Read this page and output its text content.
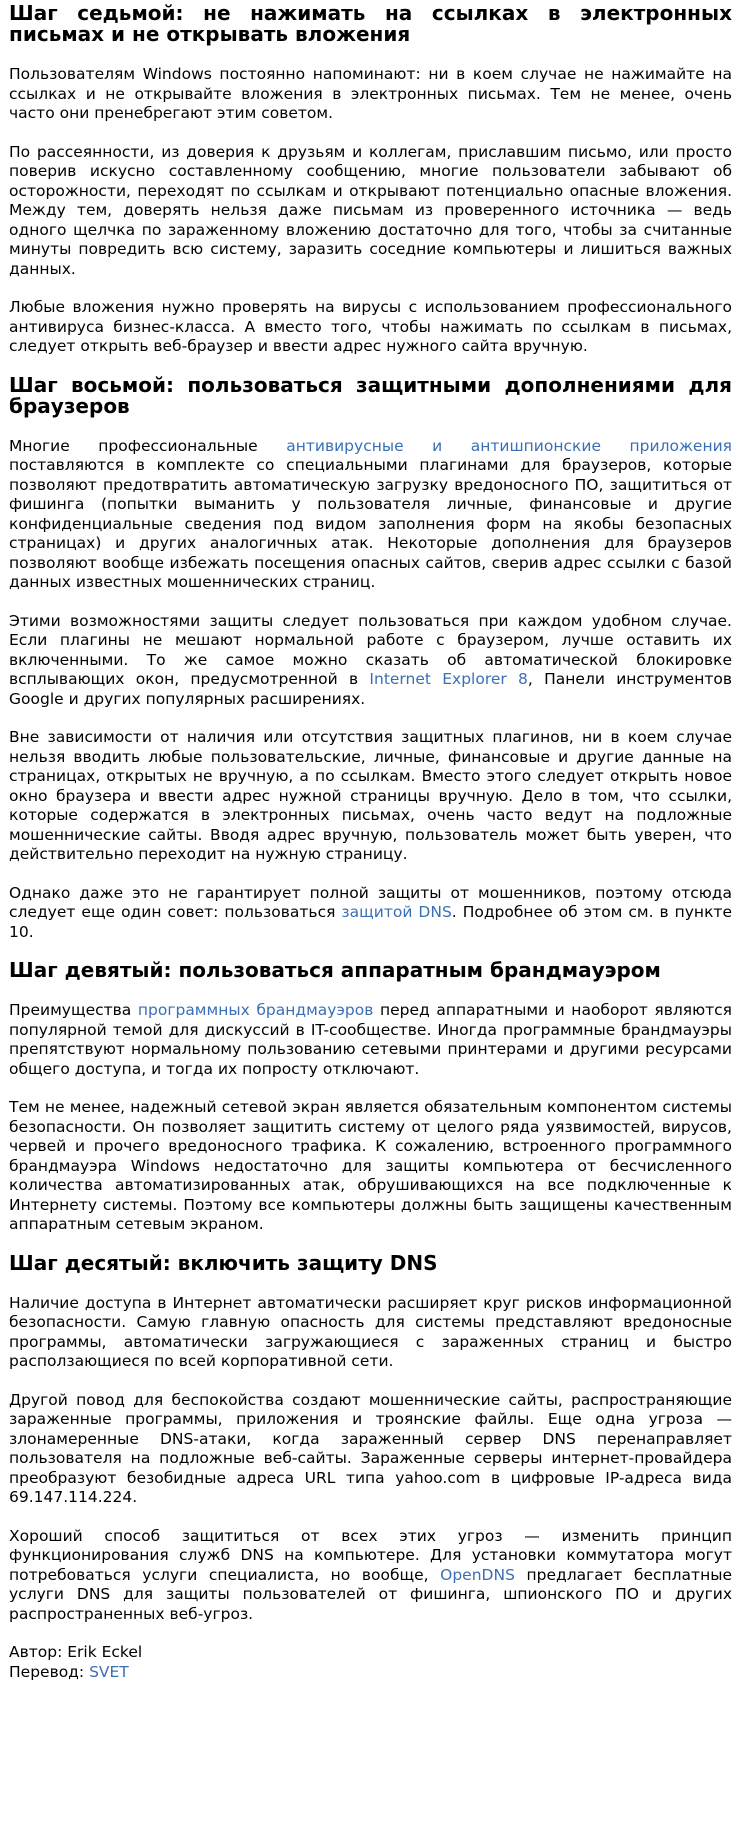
Шаг седьмой: не нажимать на ссылках в электронных письмах и не открывать вложения

Пользователям Windows постоянно напоминают: ни в коем случае не нажимайте на ссылках и не открывайте вложения в электронных письмах. Тем не менее, очень часто они пренебрегают этим советом.

По рассеянности, из доверия к друзьям и коллегам, приславшим письмо, или просто поверив искусно составленному сообщению, многие пользователи забывают об осторожности, переходят по ссылкам и открывают потенциально опасные вложения. Между тем, доверять нельзя даже письмам из проверенного источника — ведь одного щелчка по зараженному вложению достаточно для того, чтобы за считанные минуты повредить всю систему, заразить соседние компьютеры и лишиться важных данных.

Любые вложения нужно проверять на вирусы с использованием профессионального антивируса бизнес-класса. А вместо того, чтобы нажимать по ссылкам в письмах, следует открыть веб-браузер и ввести адрес нужного сайта вручную.

Шаг восьмой: пользоваться защитными дополнениями для браузеров

Многие профессиональные антивирусные и антишпионские приложения поставляются в комплекте со специальными плагинами для браузеров, которые позволяют предотвратить автоматическую загрузку вредоносного ПО, защититься от фишинга (попытки выманить у пользователя личные, финансовые и другие конфиденциальные сведения под видом заполнения форм на якобы безопасных страницах) и других аналогичных атак. Некоторые дополнения для браузеров позволяют вообще избежать посещения опасных сайтов, сверив адрес ссылки с базой данных известных мошеннических страниц.

Этими возможностями защиты следует пользоваться при каждом удобном случае. Если плагины не мешают нормальной работе с браузером, лучше оставить их включенными. То же самое можно сказать об автоматической блокировке всплывающих окон, предусмотренной в Internet Explorer 8, Панели инструментов Google и других популярных расширениях.

Вне зависимости от наличия или отсутствия защитных плагинов, ни в коем случае нельзя вводить любые пользовательские, личные, финансовые и другие данные на страницах, открытых не вручную, а по ссылкам. Вместо этого следует открыть новое окно браузера и ввести адрес нужной страницы вручную. Дело в том, что ссылки, которые содержатся в электронных письмах, очень часто ведут на подложные мошеннические сайты. Вводя адрес вручную, пользователь может быть уверен, что действительно переходит на нужную страницу.

Однако даже это не гарантирует полной защиты от мошенников, поэтому отсюда следует еще один совет: пользоваться защитой DNS. Подробнее об этом см. в пункте 10.

Шаг девятый: пользоваться аппаратным брандмауэром

Преимущества программных брандмауэров перед аппаратными и наоборот являются популярной темой для дискуссий в IT-сообществе. Иногда программные брандмауэры препятствуют нормальному пользованию сетевыми принтерами и другими ресурсами общего доступа, и тогда их попросту отключают.

Тем не менее, надежный сетевой экран является обязательным компонентом системы безопасности. Он позволяет защитить систему от целого ряда уязвимостей, вирусов, червей и прочего вредоносного трафика. К сожалению, встроенного программного брандмауэра Windows недостаточно для защиты компьютера от бесчисленного количества автоматизированных атак, обрушивающихся на все подключенные к Интернету системы. Поэтому все компьютеры должны быть защищены качественным аппаратным сетевым экраном.

Шаг десятый: включить защиту DNS

Наличие доступа в Интернет автоматически расширяет круг рисков информационной безопасности. Самую главную опасность для системы представляют вредоносные программы, автоматически загружающиеся с зараженных страниц и быстро расползающиеся по всей корпоративной сети.

Другой повод для беспокойства создают мошеннические сайты, распространяющие зараженные программы, приложения и троянские файлы. Еще одна угроза — злонамеренные DNS-атаки, когда зараженный сервер DNS перенаправляет пользователя на подложные веб-сайты. Зараженные серверы интернет-провайдера преобразуют безобидные адреса URL типа yahoo.com в цифровые IP-адреса вида 69.147.114.224.

Хороший способ защититься от всех этих угроз — изменить принцип функционирования служб DNS на компьютере. Для установки коммутатора могут потребоваться услуги специалиста, но вообще, OpenDNS предлагает бесплатные услуги DNS для защиты пользователей от фишинга, шпионского ПО и других распространенных веб-угроз.

Автор: Erik Eckel

Перевод: SVET
